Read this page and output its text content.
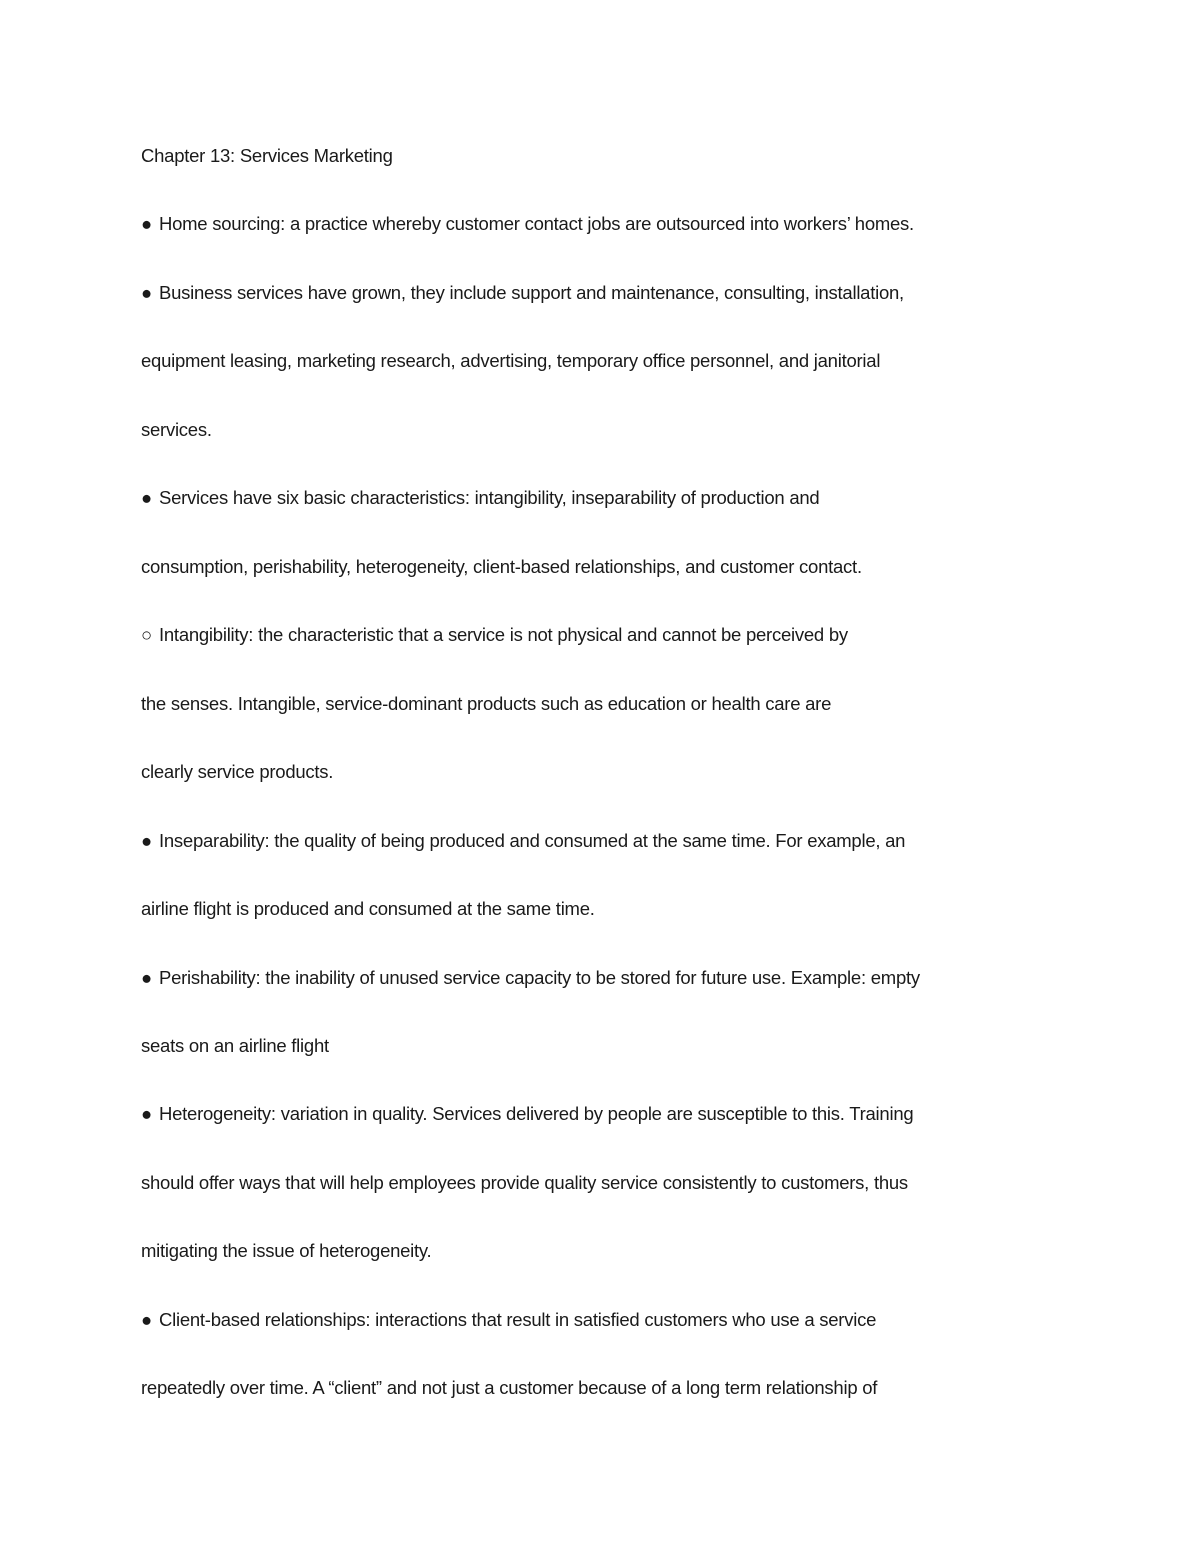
Chapter 13: Services Marketing
● Home sourcing: a practice whereby customer contact jobs are outsourced into workers’ homes.
● Business services have grown, they include support and maintenance, consulting, installation,
equipment leasing, marketing research, advertising, temporary office personnel, and janitorial
services.
● Services have six basic characteristics: intangibility, inseparability of production and
consumption, perishability, heterogeneity, client-based relationships, and customer contact.
○ Intangibility: the characteristic that a service is not physical and cannot be perceived by
the senses. Intangible, service-dominant products such as education or health care are
clearly service products.
● Inseparability: the quality of being produced and consumed at the same time. For example, an
airline flight is produced and consumed at the same time.
● Perishability: the inability of unused service capacity to be stored for future use. Example: empty
seats on an airline flight
● Heterogeneity: variation in quality. Services delivered by people are susceptible to this. Training
should offer ways that will help employees provide quality service consistently to customers, thus
mitigating the issue of heterogeneity.
● Client-based relationships: interactions that result in satisfied customers who use a service
repeatedly over time. A “client” and not just a customer because of a long term relationship of
